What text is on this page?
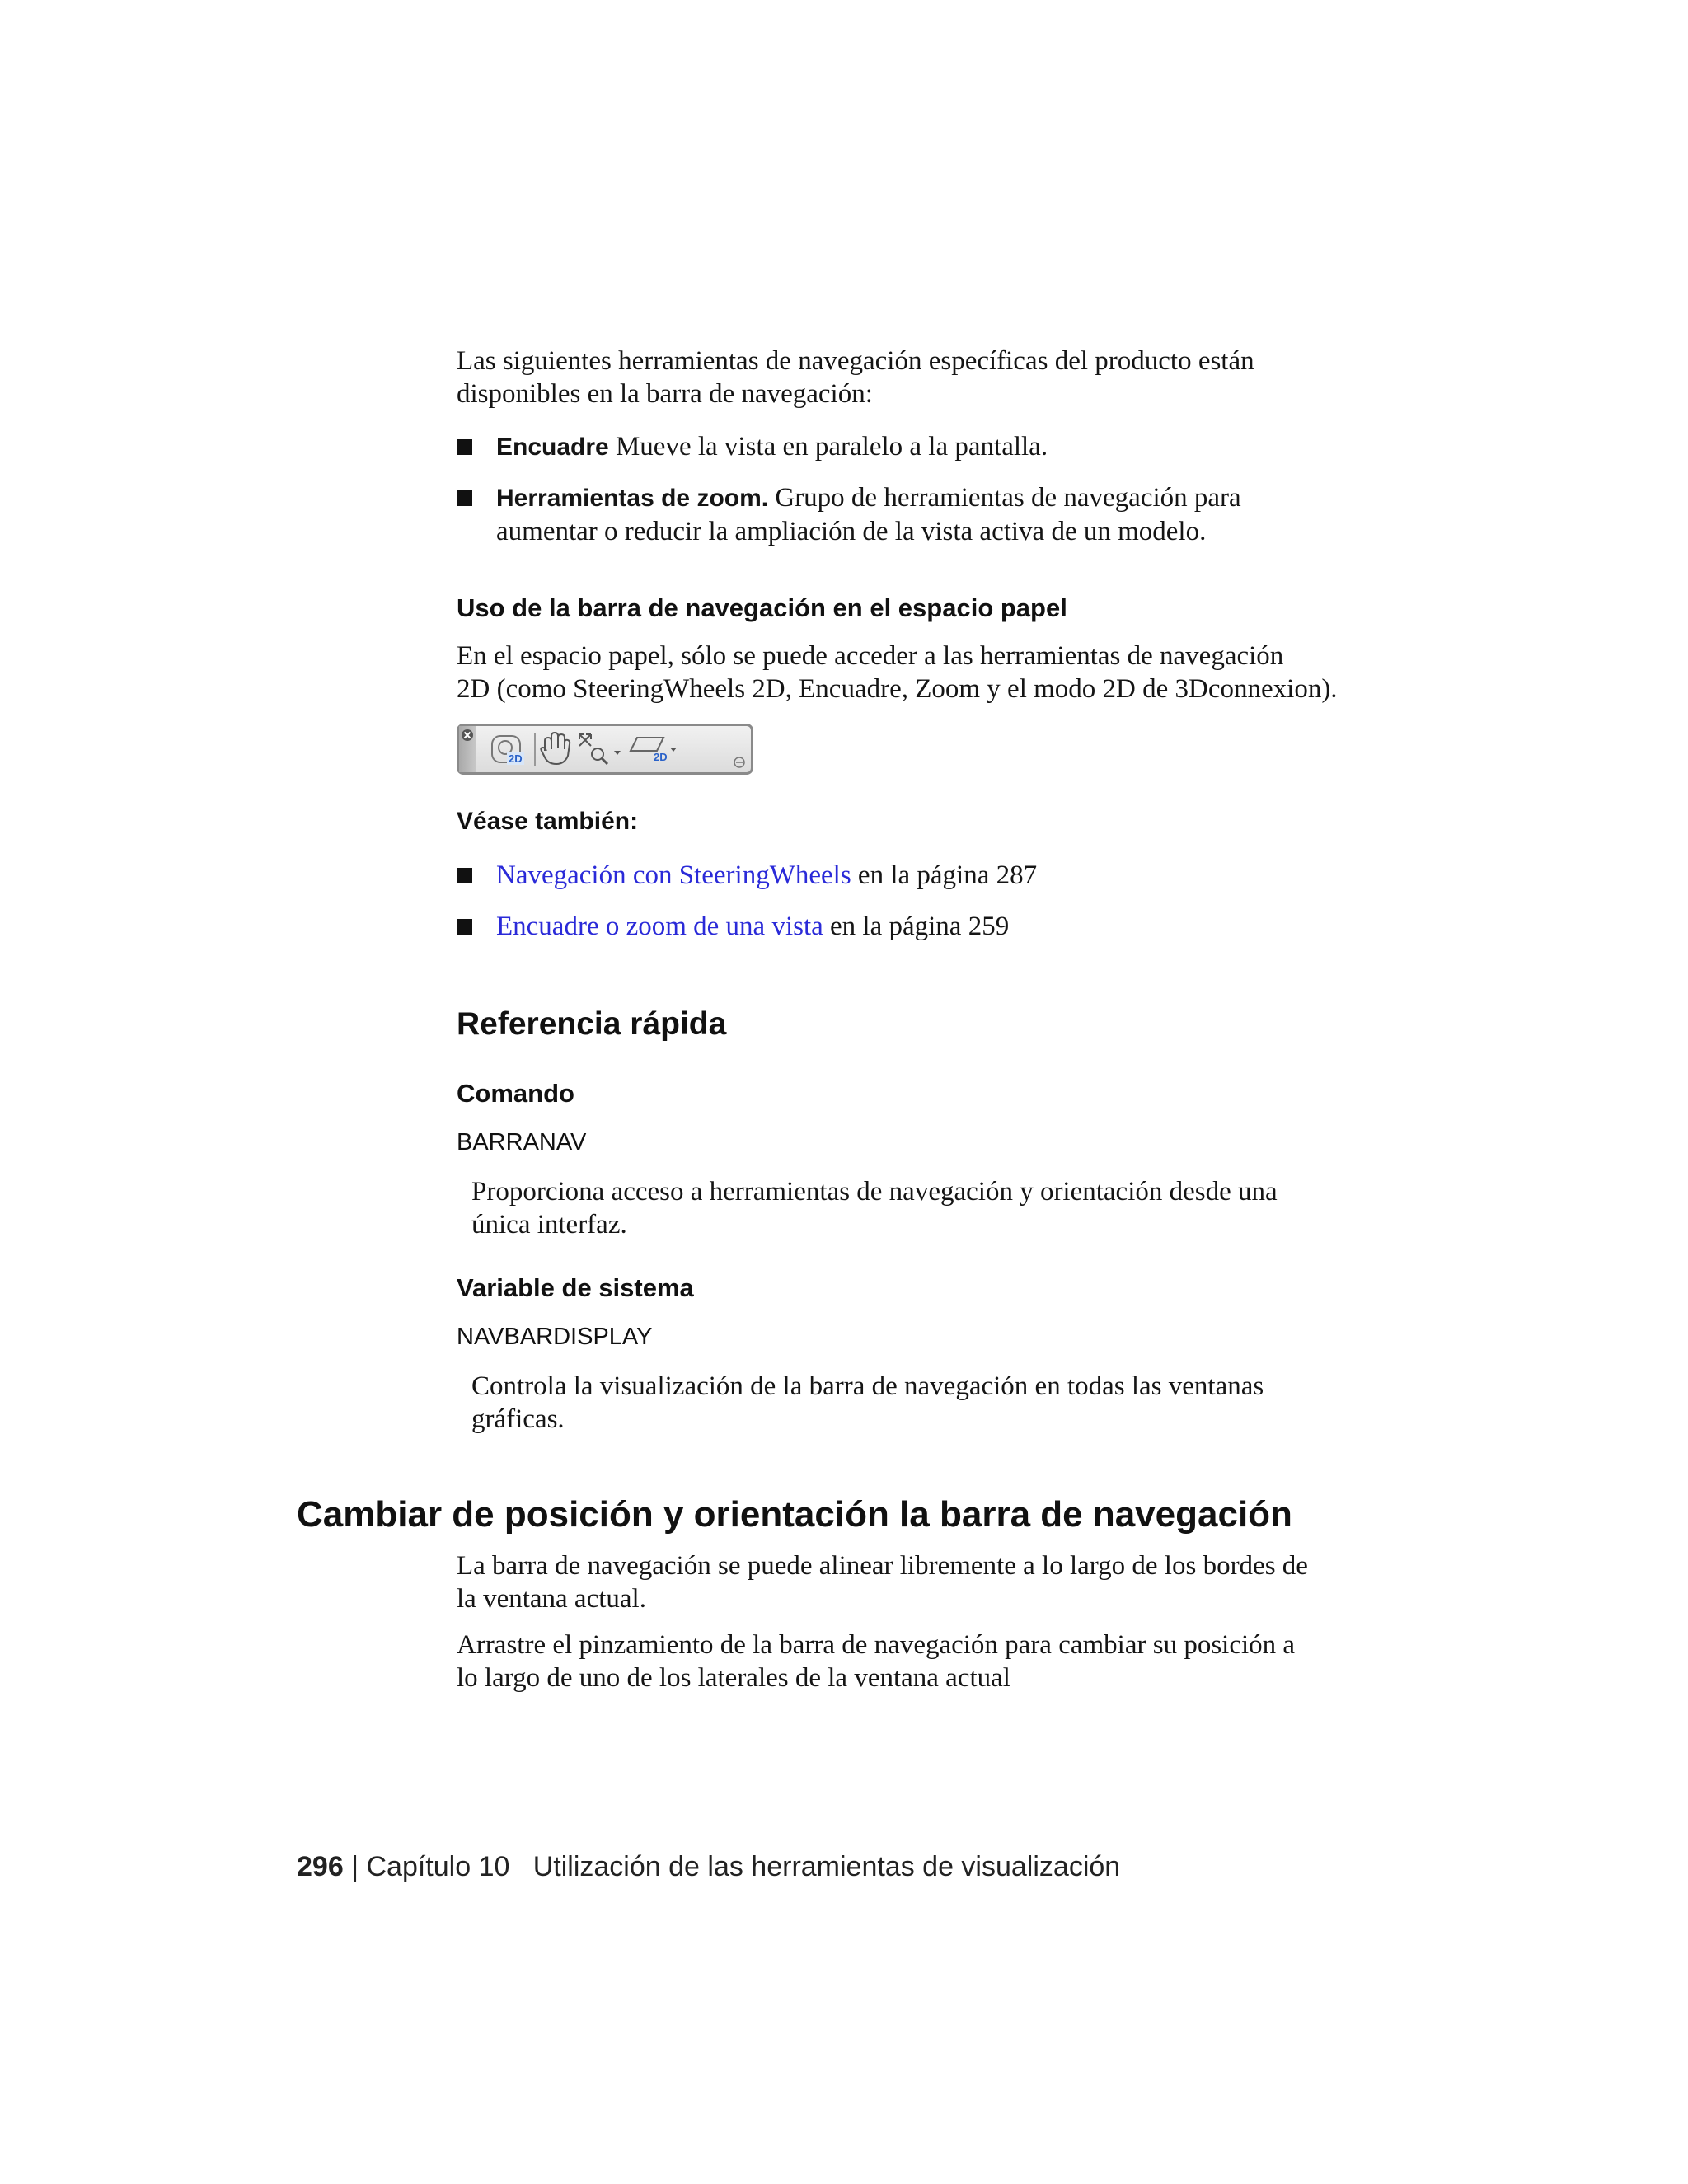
Las siguientes herramientas de navegación específicas del producto están
disponibles en la barra de navegación:
Encuadre Mueve la vista en paralelo a la pantalla.
Herramientas de zoom. Grupo de herramientas de navegación para
aumentar o reducir la ampliación de la vista activa de un modelo.
Uso de la barra de navegación en el espacio papel
En el espacio papel, sólo se puede acceder a las herramientas de navegación
2D (como SteeringWheels 2D, Encuadre, Zoom y el modo 2D de 3Dconnexion).
2D	2D
Véase también:
Navegación con SteeringWheels en la página 287
Encuadre o zoom de una vista en la página 259
Referencia rápida
Comando
BARRANAV
Proporciona acceso a herramientas de navegación y orientación desde una
única interfaz.
Variable de sistema
NAVBARDISPLAY
Controla la visualización de la barra de navegación en todas las ventanas
gráficas.
Cambiar de posición y orientación la barra de navegación
La barra de navegación se puede alinear libremente a lo largo de los bordes de
la ventana actual.
Arrastre el pinzamiento de la barra de navegación para cambiar su posición a
lo largo de uno de los laterales de la ventana actual
296 | Capítulo 10 Utilización de las herramientas de visualización
